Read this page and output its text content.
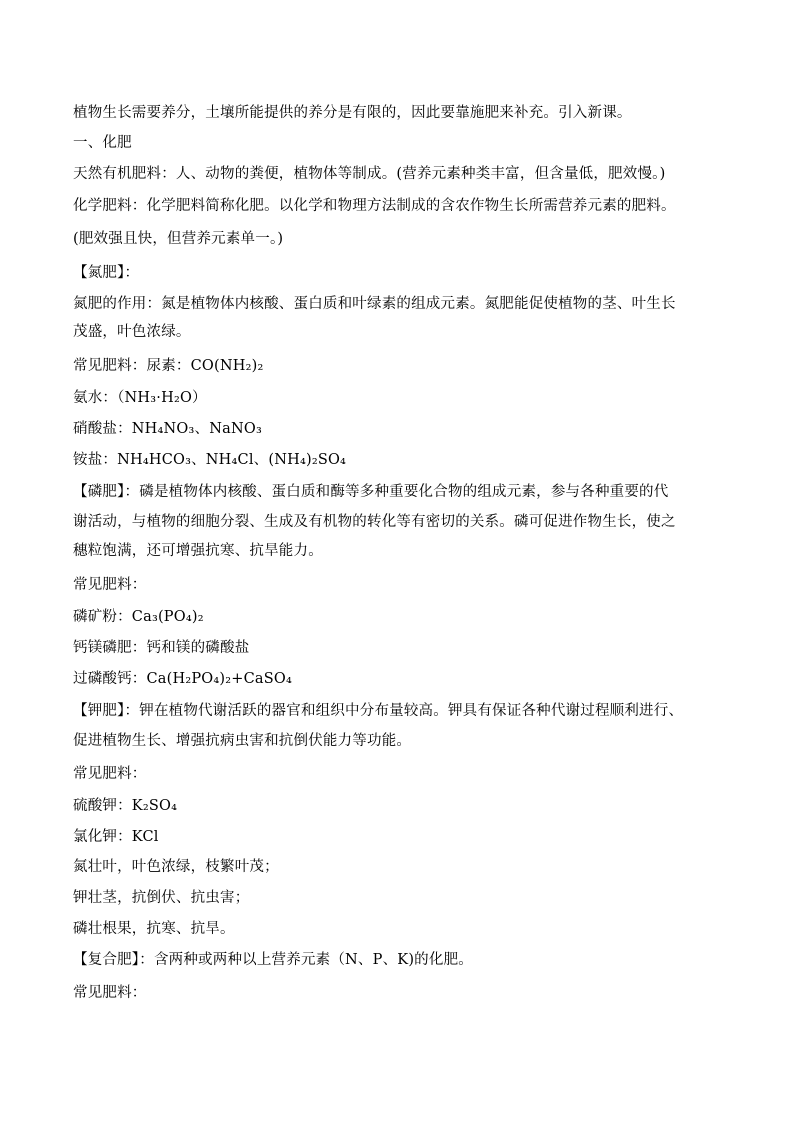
植物生长需要养分，土壤所能提供的养分是有限的，因此要靠施肥来补充。引入新课。
一、化肥
天然有机肥料：人、动物的粪便，植物体等制成。(营养元素种类丰富，但含量低，肥效慢。)
化学肥料：化学肥料简称化肥。以化学和物理方法制成的含农作物生长所需营养元素的肥料。
(肥效强且快，但营养元素单一。)
【氮肥】：
氮肥的作用：氮是植物体内核酸、蛋白质和叶绿素的组成元素。氮肥能促使植物的茎、叶生长
茂盛，叶色浓绿。
常见肥料：尿素：CO(NH₂)₂
氨水：（NH₃·H₂O）
硝酸盐：NH₄NO₃、NaNO₃
铵盐：NH₄HCO₃、NH₄Cl、(NH₄)₂SO₄
【磷肥】：磷是植物体内核酸、蛋白质和酶等多种重要化合物的组成元素，参与各种重要的代
谢活动，与植物的细胞分裂、生成及有机物的转化等有密切的关系。磷可促进作物生长，使之
穗粒饱满，还可增强抗寒、抗旱能力。
常见肥料：
磷矿粉：Ca₃(PO₄)₂
钙镁磷肥：钙和镁的磷酸盐
过磷酸钙：Ca(H₂PO₄)₂+CaSO₄
【钾肥】：钾在植物代谢活跃的器官和组织中分布量较高。钾具有保证各种代谢过程顺利进行、
促进植物生长、增强抗病虫害和抗倒伏能力等功能。
常见肥料：
硫酸钾：K₂SO₄
氯化钾：KCl
氮壮叶，叶色浓绿，枝繁叶茂；
钾壮茎，抗倒伏、抗虫害；
磷壮根果，抗寒、抗旱。
【复合肥】：含两种或两种以上营养元素（N、P、K)的化肥。
常见肥料：
